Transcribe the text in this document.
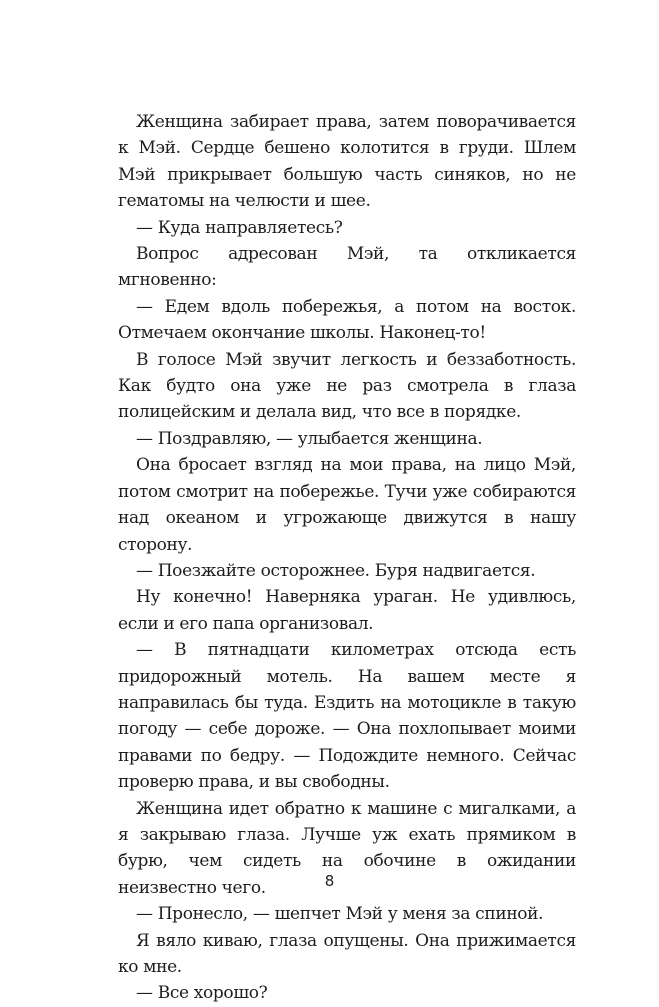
Женщина забирает права, затем поворачивается к Мэй. Сердце бешено колотится в груди. Шлем Мэй прикрывает большую часть синяков, но не гематомы на челюсти и шее.

— Куда направляетесь?

Вопрос адресован Мэй, та откликается мгновенно:

— Едем вдоль побережья, а потом на восток. Отмечаем окончание школы. Наконец-то!

В голосе Мэй звучит легкость и беззаботность. Как будто она уже не раз смотрела в глаза полицейским и делала вид, что все в порядке.

— Поздравляю, — улыбается женщина.

Она бросает взгляд на мои права, на лицо Мэй, потом смотрит на побережье. Тучи уже собираются над океаном и угрожающе движутся в нашу сторону.

— Поезжайте осторожнее. Буря надвигается.

Ну конечно! Наверняка ураган. Не удивлюсь, если и его папа организовал.

— В пятнадцати километрах отсюда есть придорожный мотель. На вашем месте я направилась бы туда. Ездить на мотоцикле в такую погоду — себе дороже. — Она похлопывает моими правами по бедру. — Подождите немного. Сейчас проверю права, и вы свободны.

Женщина идет обратно к машине с мигалками, а я закрываю глаза. Лучше уж ехать прямиком в бурю, чем сидеть на обочине в ожидании неизвестно чего.

— Пронесло, — шепчет Мэй у меня за спиной.

Я вяло киваю, глаза опущены. Она прижимается ко мне.

— Все хорошо?

8
